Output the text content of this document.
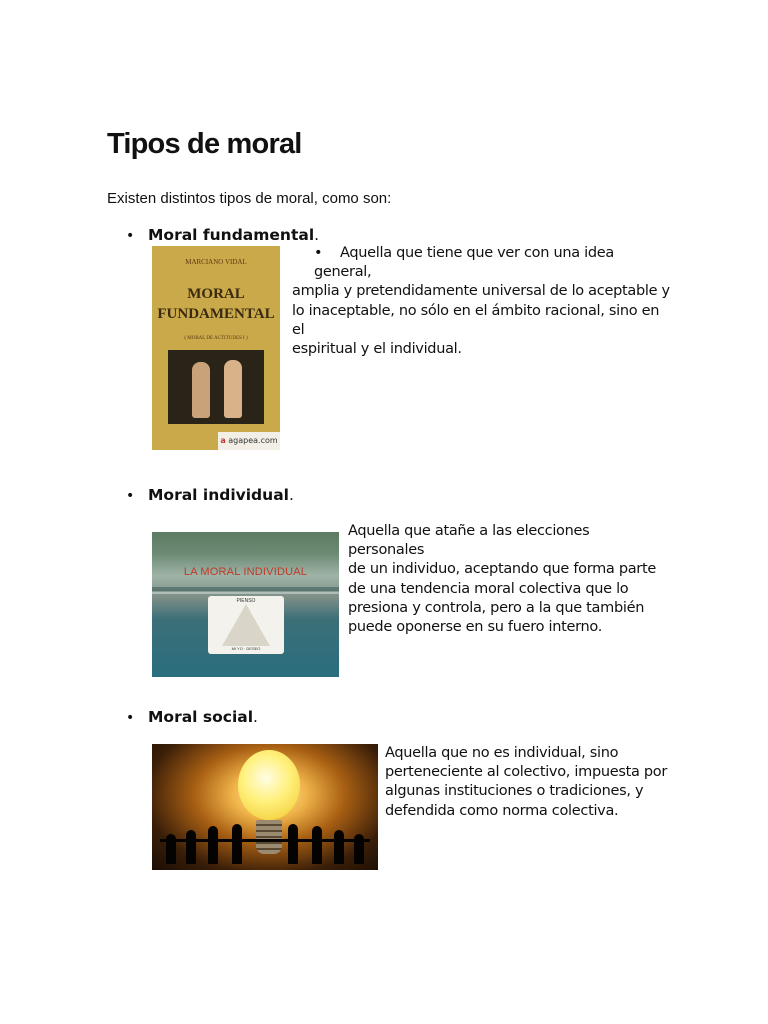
Tipos de moral
Existen distintos tipos de moral, como son:
• Moral fundamental.
MARCIANO VIDAL
MORAL
FUNDAMENTAL
( MORAL DE ACTITUDES I )
a agapea.com
• Aquella que tiene que ver con una idea general,
amplia y pretendidamente universal de lo aceptable y
lo inaceptable, no sólo en el ámbito racional, sino en el
espiritual y el individual.
• Moral individual.
LA MORAL INDIVIDUAL
PIENSO
MI YO · DESEO
Aquella que atañe a las elecciones personales
de un individuo, aceptando que forma parte
de una tendencia moral colectiva que lo
presiona y controla, pero a la que también
puede oponerse en su fuero interno.
• Moral social.
Aquella que no es individual, sino
perteneciente al colectivo, impuesta por
algunas instituciones o tradiciones, y
defendida como norma colectiva.
